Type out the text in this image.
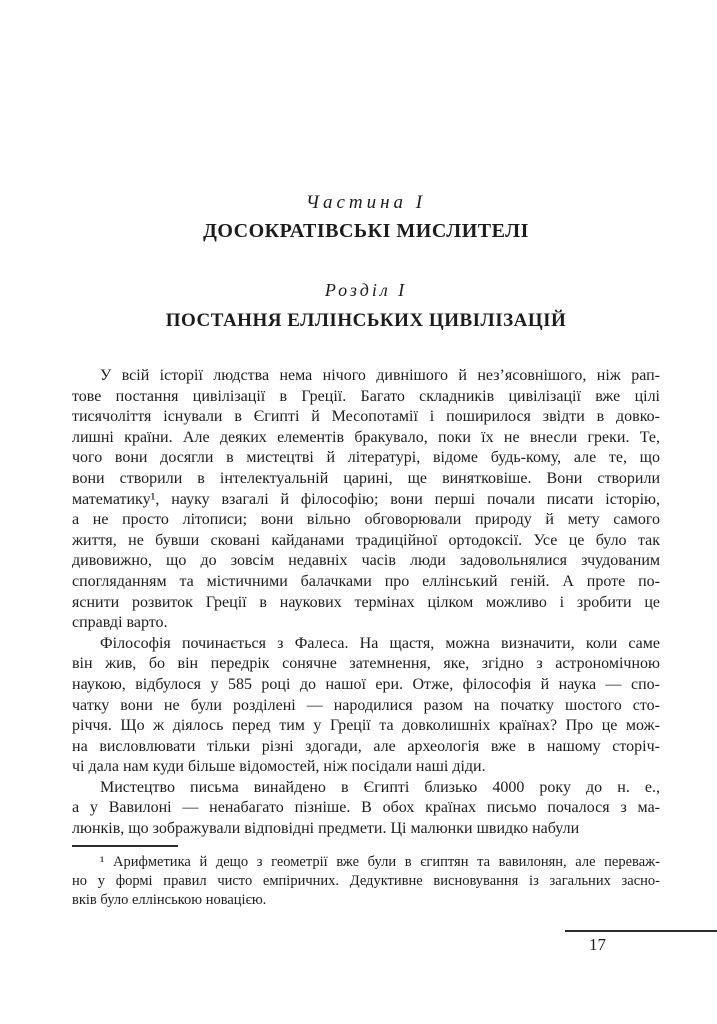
Частина I
ДОСОКРАТІВСЬКІ МИСЛИТЕЛІ
Розділ I
ПОСТАННЯ ЕЛЛІНСЬКИХ ЦИВІЛІЗАЦІЙ
У всій історії людства нема нічого дивнішого й нез’ясовнішого, ніж рап-
тове постання цивілізації в Греції. Багато складників цивілізації вже цілі
тисячоліття існували в Єгипті й Месопотамії і поширилося звідти в довко-
лишні країни. Але деяких елементів бракувало, поки їх не внесли греки. Те,
чого вони досягли в мистецтві й літературі, відоме будь-кому, але те, що
вони створили в інтелектуальній царині, ще винятковіше. Вони створили
математику¹, науку взагалі й філософію; вони перші почали писати історію,
а не просто літописи; вони вільно обговорювали природу й мету самого
життя, не бувши сковані кайданами традиційної ортодоксії. Усе це було так
дивовижно, що до зовсім недавніх часів люди задовольнялися зчудованим
спогляданням та містичними балачками про еллінський геній. А проте по-
яснити розвиток Греції в наукових термінах цілком можливо і зробити це
справді варто.
Філософія починається з Фалеса. На щастя, можна визначити, коли саме
він жив, бо він передрік сонячне затемнення, яке, згідно з астрономічною
наукою, відбулося у 585 році до нашої ери. Отже, філософія й наука — спо-
чатку вони не були розділені — народилися разом на початку шостого сто-
річчя. Що ж діялось перед тим у Греції та довколишніх країнах? Про це мож-
на висловлювати тільки різні здогади, але археологія вже в нашому сторіч-
чі дала нам куди більше відомостей, ніж посідали наші діди.
Мистецтво письма винайдено в Єгипті близько 4000 року до н. е.,
а у Вавилоні — ненабагато пізніше. В обох країнах письмо почалося з ма-
люнків, що зображували відповідні предмети. Ці малюнки швидко набули
¹ Арифметика й дещо з геометрії вже були в єгиптян та вавилонян, але переваж-
но у формі правил чисто емпіричних. Дедуктивне висновування із загальних засно-
вків було еллінською новацією.
17
